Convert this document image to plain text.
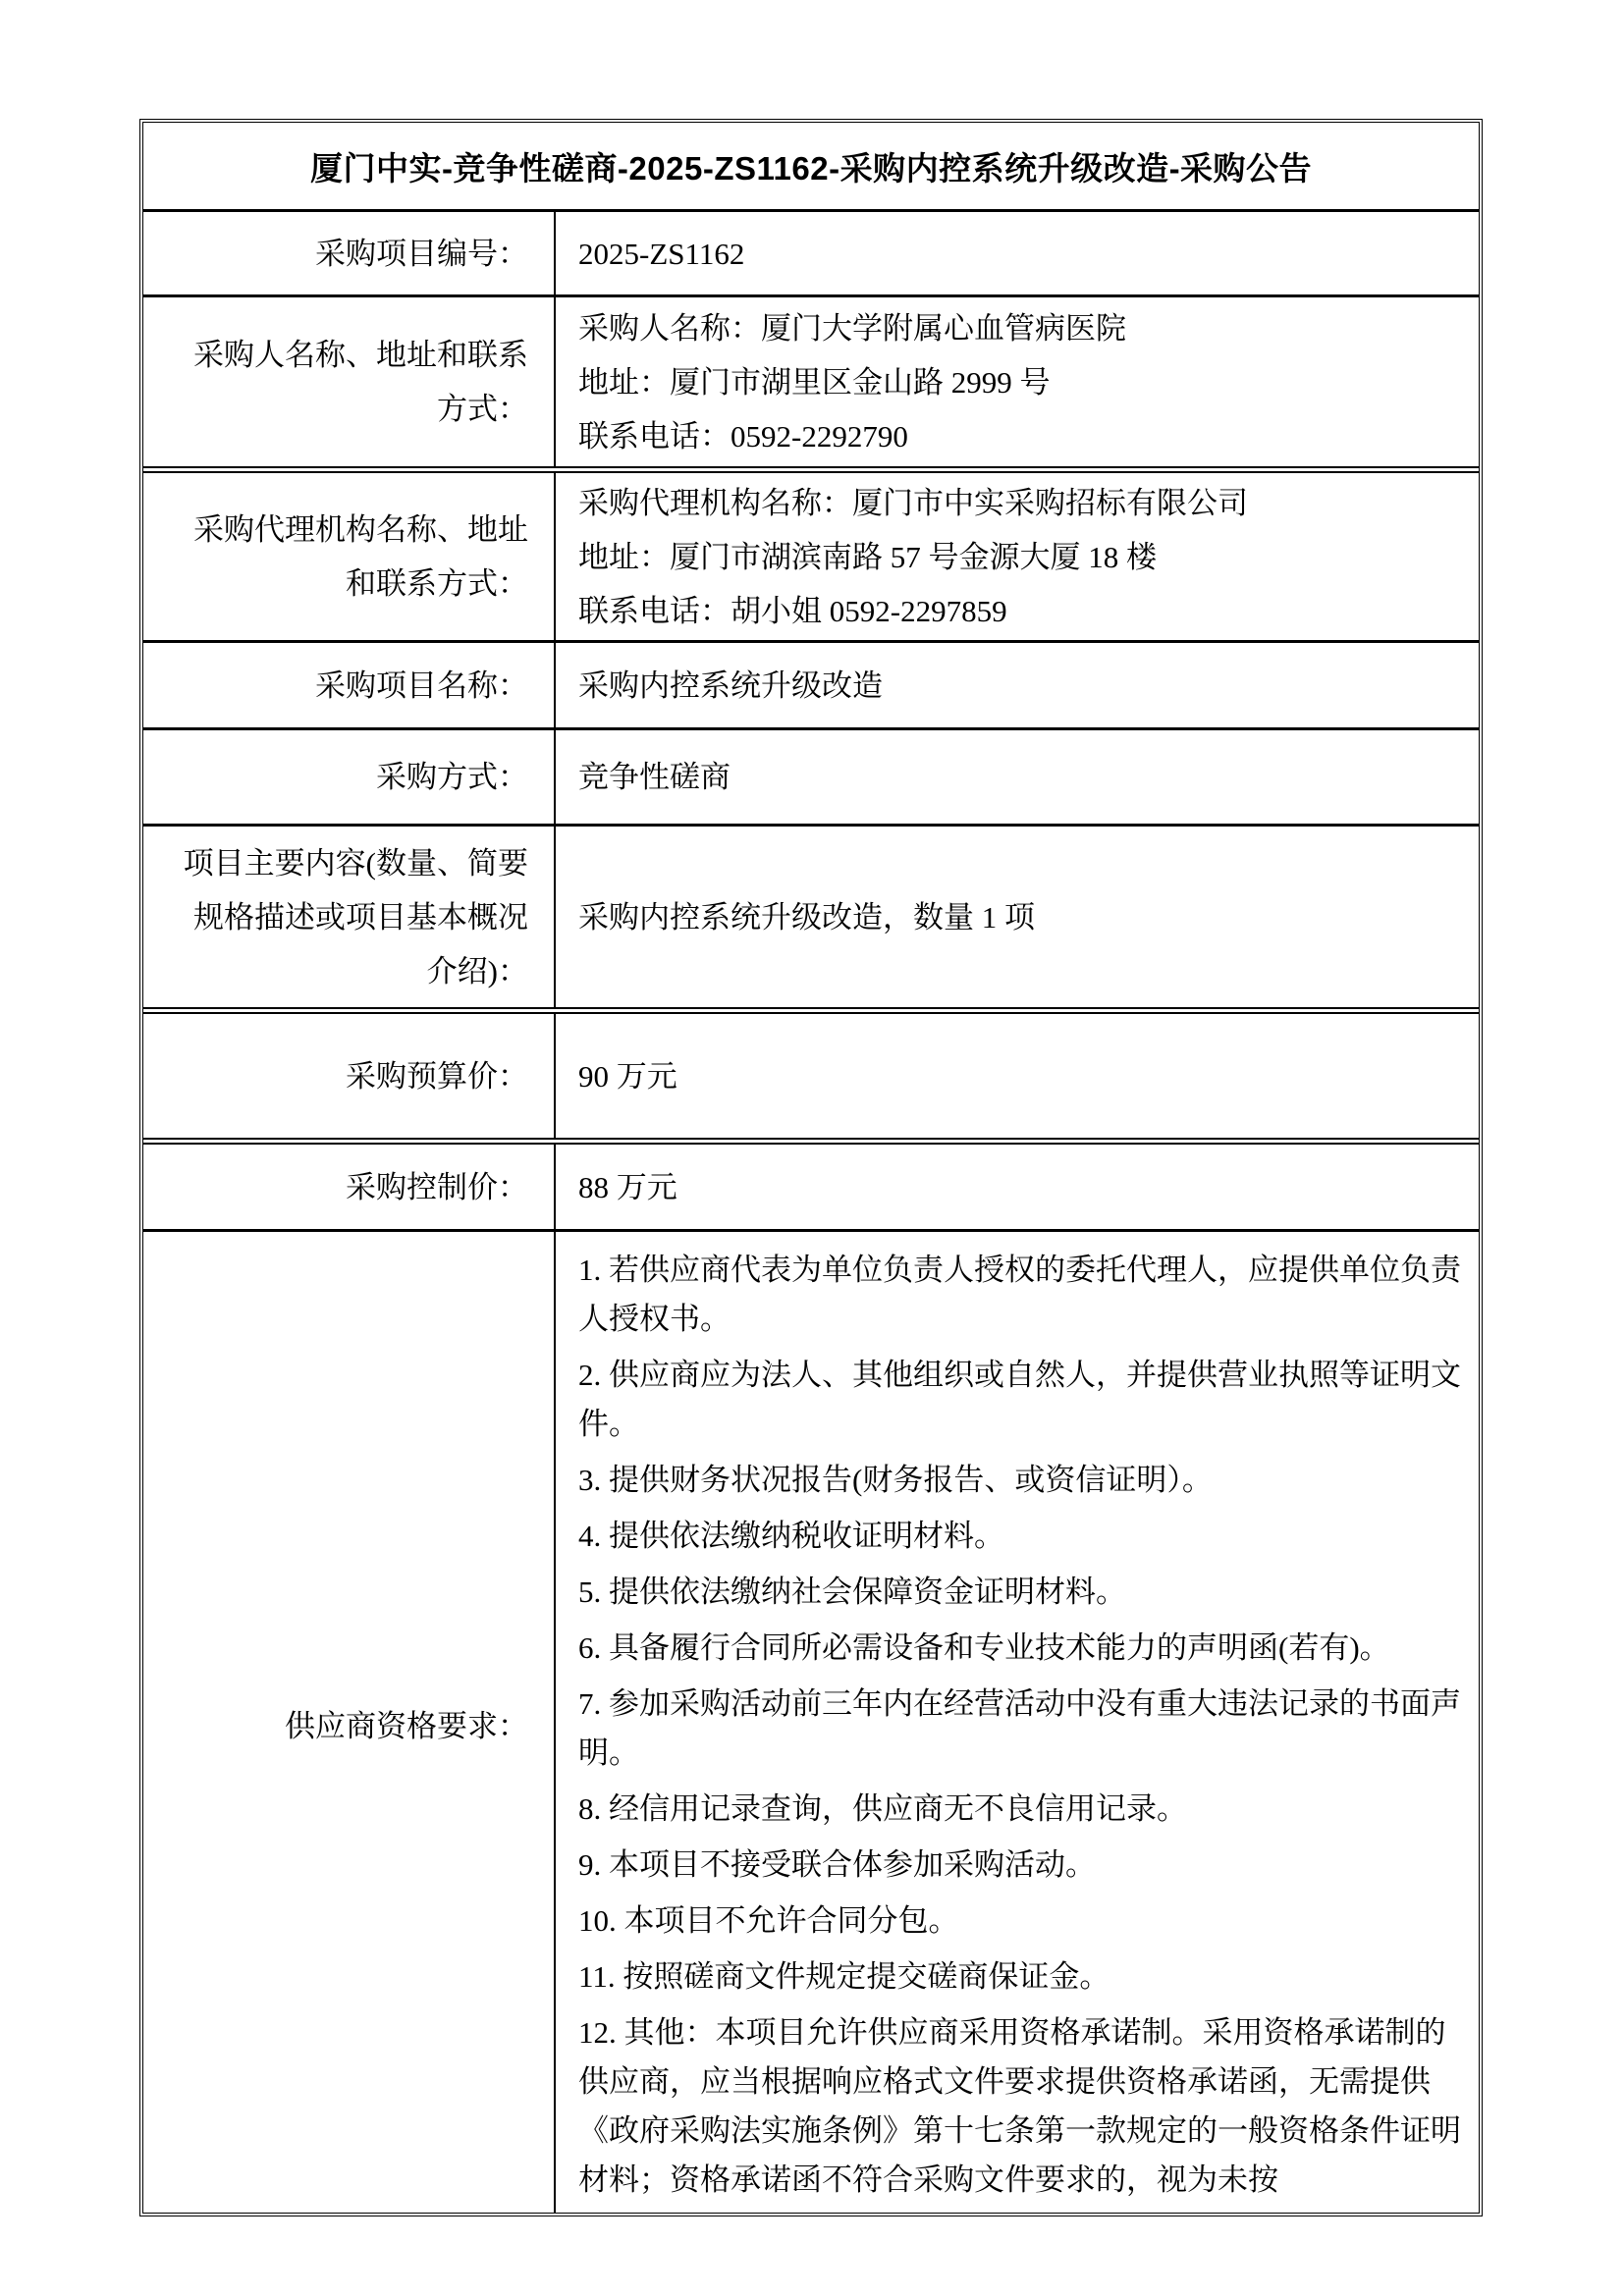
厦门中实-竞争性磋商-2025-ZS1162-采购内控系统升级改造-采购公告
采购项目编号： 2025-ZS1162
采购人名称、地址和联系方式：
采购人名称：厦门大学附属心血管病医院
地址：厦门市湖里区金山路 2999 号
联系电话：0592-2292790
采购代理机构名称、地址和联系方式：
采购代理机构名称：厦门市中实采购招标有限公司
地址：厦门市湖滨南路 57 号金源大厦 18 楼
联系电话：胡小姐 0592-2297859
采购项目名称： 采购内控系统升级改造
采购方式： 竞争性磋商
项目主要内容(数量、简要规格描述或项目基本概况介绍)：
采购内控系统升级改造，数量 1 项
采购预算价： 90 万元
采购控制价： 88 万元
供应商资格要求：

1. 若供应商代表为单位负责人授权的委托代理人，应提供单位负责人授权书。

2. 供应商应为法人、其他组织或自然人，并提供营业执照等证明文件。

3. 提供财务状况报告(财务报告、或资信证明）。

4. 提供依法缴纳税收证明材料。

5. 提供依法缴纳社会保障资金证明材料。

6. 具备履行合同所必需设备和专业技术能力的声明函(若有)。

7. 参加采购活动前三年内在经营活动中没有重大违法记录的书面声明。

8. 经信用记录查询，供应商无不良信用记录。

9. 本项目不接受联合体参加采购活动。

10. 本项目不允许合同分包。

11. 按照磋商文件规定提交磋商保证金。

12. 其他：本项目允许供应商采用资格承诺制。采用资格承诺制的供应商，应当根据响应格式文件要求提供资格承诺函，无需提供《政府采购法实施条例》第十七条第一款规定的一般资格条件证明材料；资格承诺函不符合采购文件要求的，视为未按
